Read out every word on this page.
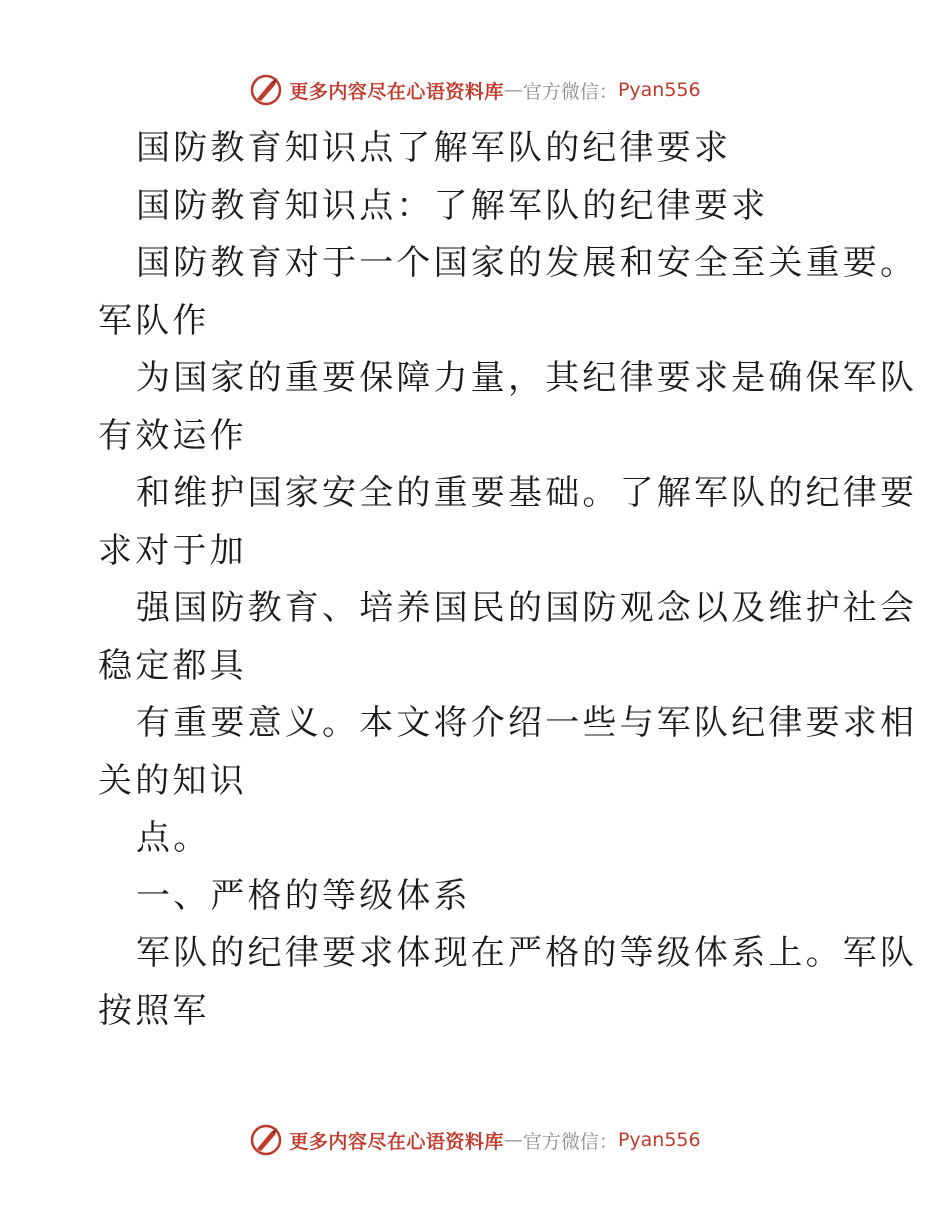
更多内容尽在心语资料库 — 官方微信： Pyan556
国防教育知识点了解军队的纪律要求
国防教育知识点：了解军队的纪律要求
国防教育对于一个国家的发展和安全至关重要。
军队作
为国家的重要保障力量，其纪律要求是确保军队
有效运作
和维护国家安全的重要基础。了解军队的纪律要
求对于加
强国防教育、培养国民的国防观念以及维护社会
稳定都具
有重要意义。本文将介绍一些与军队纪律要求相
关的知识
点。
一、严格的等级体系
军队的纪律要求体现在严格的等级体系上。军队
按照军
更多内容尽在心语资料库 — 官方微信： Pyan556
